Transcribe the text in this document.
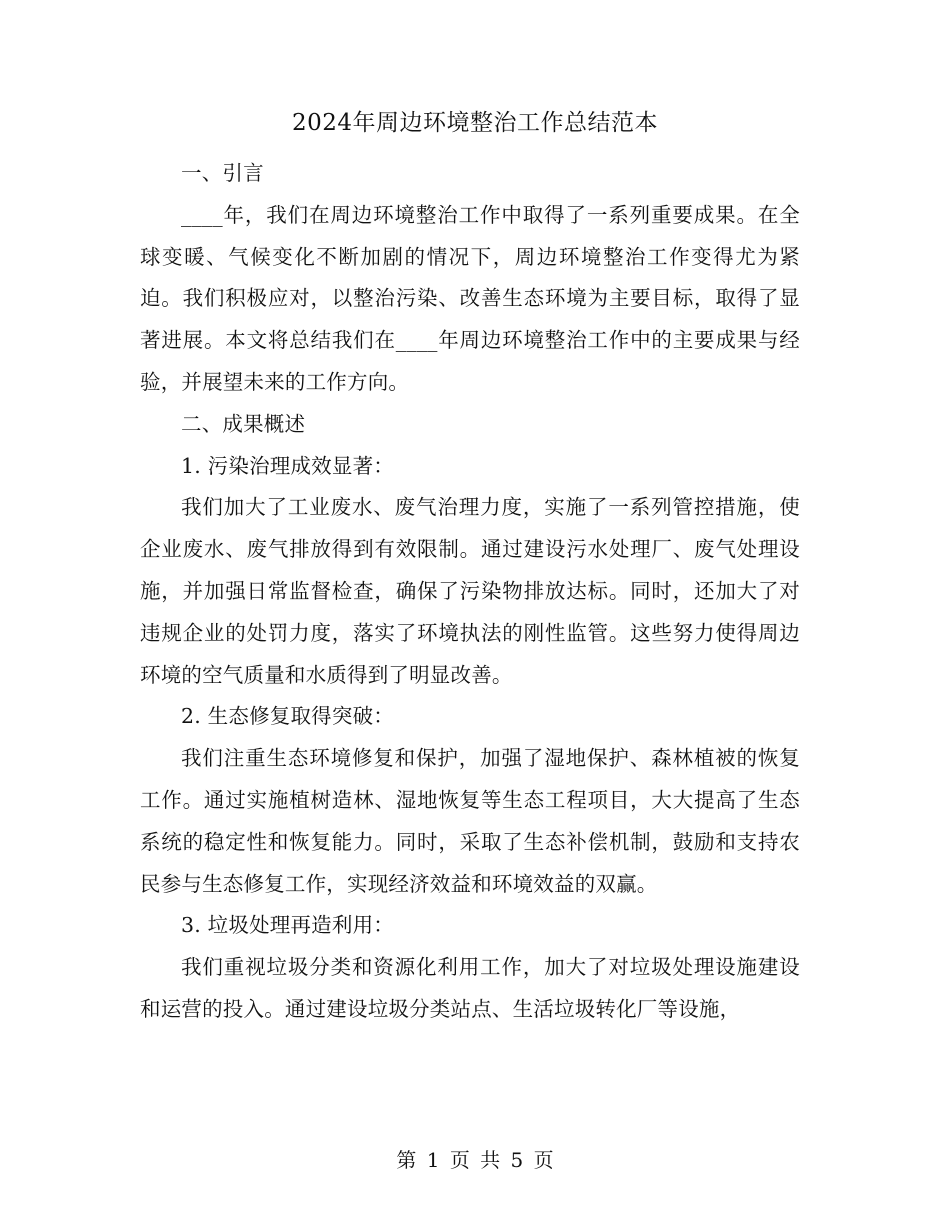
2024年周边环境整治工作总结范本

一、引言

____年，我们在周边环境整治工作中取得了一系列重要成果。在全球变暖、气候变化不断加剧的情况下，周边环境整治工作变得尤为紧迫。我们积极应对，以整治污染、改善生态环境为主要目标，取得了显著进展。本文将总结我们在____年周边环境整治工作中的主要成果与经验，并展望未来的工作方向。

二、成果概述

1. 污染治理成效显著：

我们加大了工业废水、废气治理力度，实施了一系列管控措施，使企业废水、废气排放得到有效限制。通过建设污水处理厂、废气处理设施，并加强日常监督检查，确保了污染物排放达标。同时，还加大了对违规企业的处罚力度，落实了环境执法的刚性监管。这些努力使得周边环境的空气质量和水质得到了明显改善。

2. 生态修复取得突破：

我们注重生态环境修复和保护，加强了湿地保护、森林植被的恢复工作。通过实施植树造林、湿地恢复等生态工程项目，大大提高了生态系统的稳定性和恢复能力。同时，采取了生态补偿机制，鼓励和支持农民参与生态修复工作，实现经济效益和环境效益的双赢。

3. 垃圾处理再造利用：

我们重视垃圾分类和资源化利用工作，加大了对垃圾处理设施建设和运营的投入。通过建设垃圾分类站点、生活垃圾转化厂等设施，

第 1 页 共 5 页
